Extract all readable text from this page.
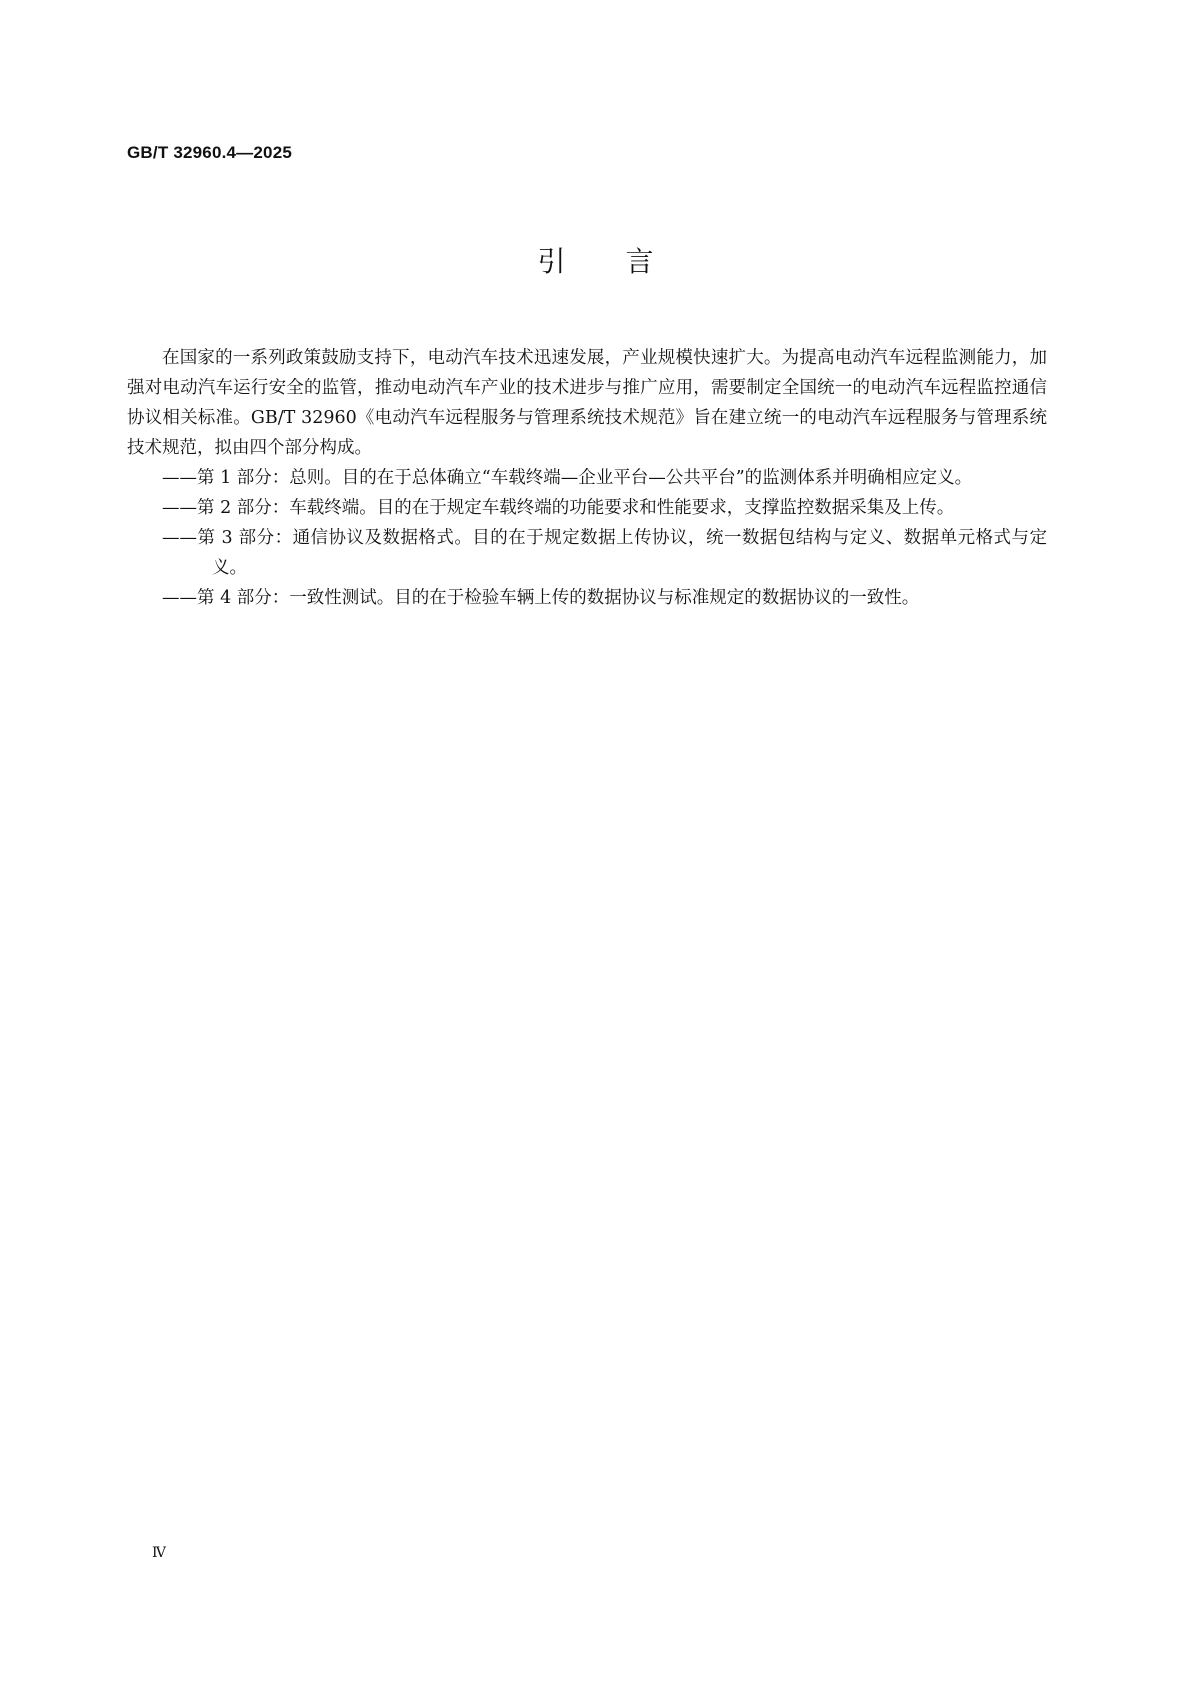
GB/T 32960.4—2025

引言

在国家的一系列政策鼓励支持下，电动汽车技术迅速发展，产业规模快速扩大。为提高电动汽车远程监测能力，加强对电动汽车运行安全的监管，推动电动汽车产业的技术进步与推广应用，需要制定全国统一的电动汽车远程监控通信协议相关标准。GB/T 32960《电动汽车远程服务与管理系统技术规范》旨在建立统一的电动汽车远程服务与管理系统技术规范，拟由四个部分构成。

——第 1 部分：总则。目的在于总体确立“车载终端—企业平台—公共平台”的监测体系并明确相应定义。
——第 2 部分：车载终端。目的在于规定车载终端的功能要求和性能要求，支撑监控数据采集及上传。
——第 3 部分：通信协议及数据格式。目的在于规定数据上传协议，统一数据包结构与定义、数据单元格式与定义。
——第 4 部分：一致性测试。目的在于检验车辆上传的数据协议与标准规定的数据协议的一致性。

Ⅳ
